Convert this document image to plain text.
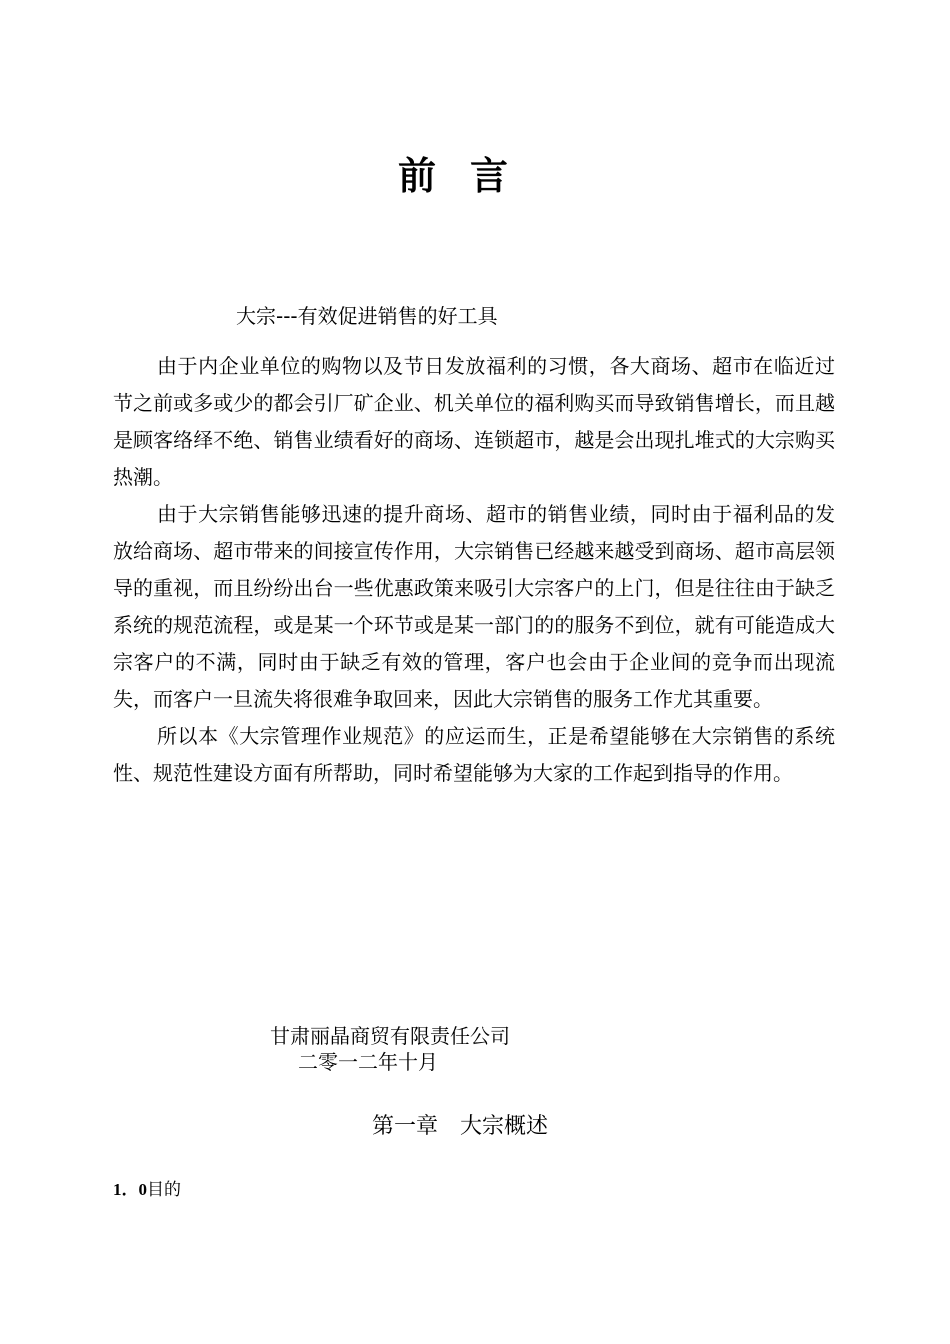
前言
大宗---有效促进销售的好工具

由于内企业单位的购物以及节日发放福利的习惯，各大商场、超市在临近过节之前或多或少的都会引厂矿企业、机关单位的福利购买而导致销售增长，而且越是顾客络绎不绝、销售业绩看好的商场、连锁超市，越是会出现扎堆式的大宗购买热潮。

由于大宗销售能够迅速的提升商场、超市的销售业绩，同时由于福利品的发放给商场、超市带来的间接宣传作用，大宗销售已经越来越受到商场、超市高层领导的重视，而且纷纷出台一些优惠政策来吸引大宗客户的上门，但是往往由于缺乏系统的规范流程，或是某一个环节或是某一部门的的服务不到位，就有可能造成大宗客户的不满，同时由于缺乏有效的管理，客户也会由于企业间的竞争而出现流失，而客户一旦流失将很难争取回来，因此大宗销售的服务工作尤其重要。

所以本《大宗管理作业规范》的应运而生，正是希望能够在大宗销售的系统性、规范性建设方面有所帮助，同时希望能够为大家的工作起到指导的作用。

甘肃丽晶商贸有限责任公司
二零一二年十月
第一章　大宗概述
1．0目的
